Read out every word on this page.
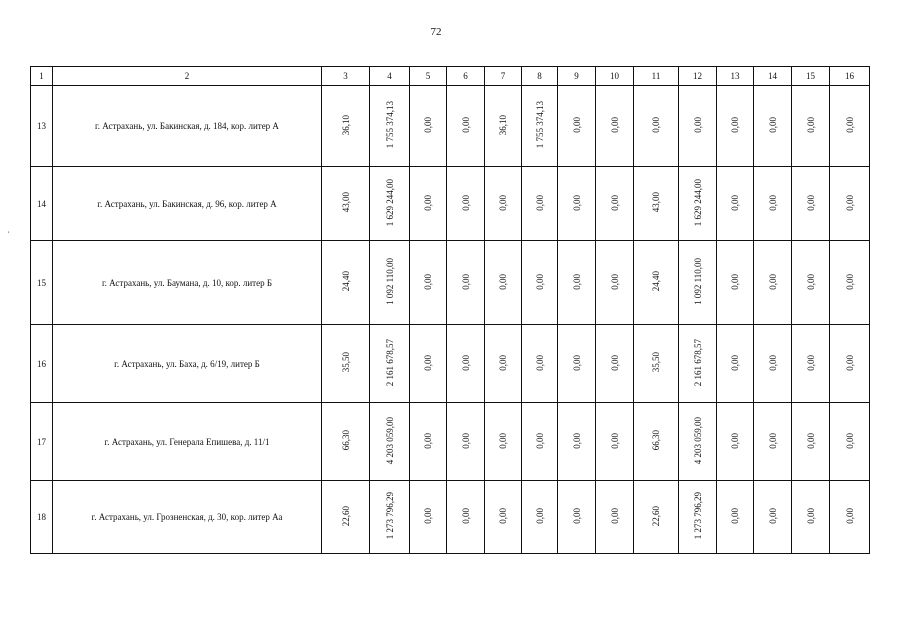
72
,
1	2	3	4	5	6	7	8	9	10	11	12	13	14	15	16
13	г. Астрахань, ул. Бакинская, д. 184, кор. литер А	36,10	1 755 374,13	0,00	0,00	36,10	1 755 374,13	0,00	0,00	0,00	0,00	0,00	0,00	0,00	0,00
14	г. Астрахань, ул. Бакинская, д. 96, кор. литер А	43,00	1 629 244,00	0,00	0,00	0,00	0,00	0,00	0,00	43,00	1 629 244,00	0,00	0,00	0,00	0,00
15	г. Астрахань, ул. Баумана, д. 10, кор. литер Б	24,40	1 092 110,00	0,00	0,00	0,00	0,00	0,00	0,00	24,40	1 092 110,00	0,00	0,00	0,00	0,00
16	г. Астрахань, ул. Баха, д. 6/19, литер Б	35,50	2 161 678,57	0,00	0,00	0,00	0,00	0,00	0,00	35,50	2 161 678,57	0,00	0,00	0,00	0,00
17	г. Астрахань, ул. Генерала Епишева, д. 11/1	66,30	4 203 059,00	0,00	0,00	0,00	0,00	0,00	0,00	66,30	4 203 059,00	0,00	0,00	0,00	0,00
18	г. Астрахань, ул. Грозненская, д. 30, кор. литер Аа	22,60	1 273 796,29	0,00	0,00	0,00	0,00	0,00	0,00	22,60	1 273 796,29	0,00	0,00	0,00	0,00
